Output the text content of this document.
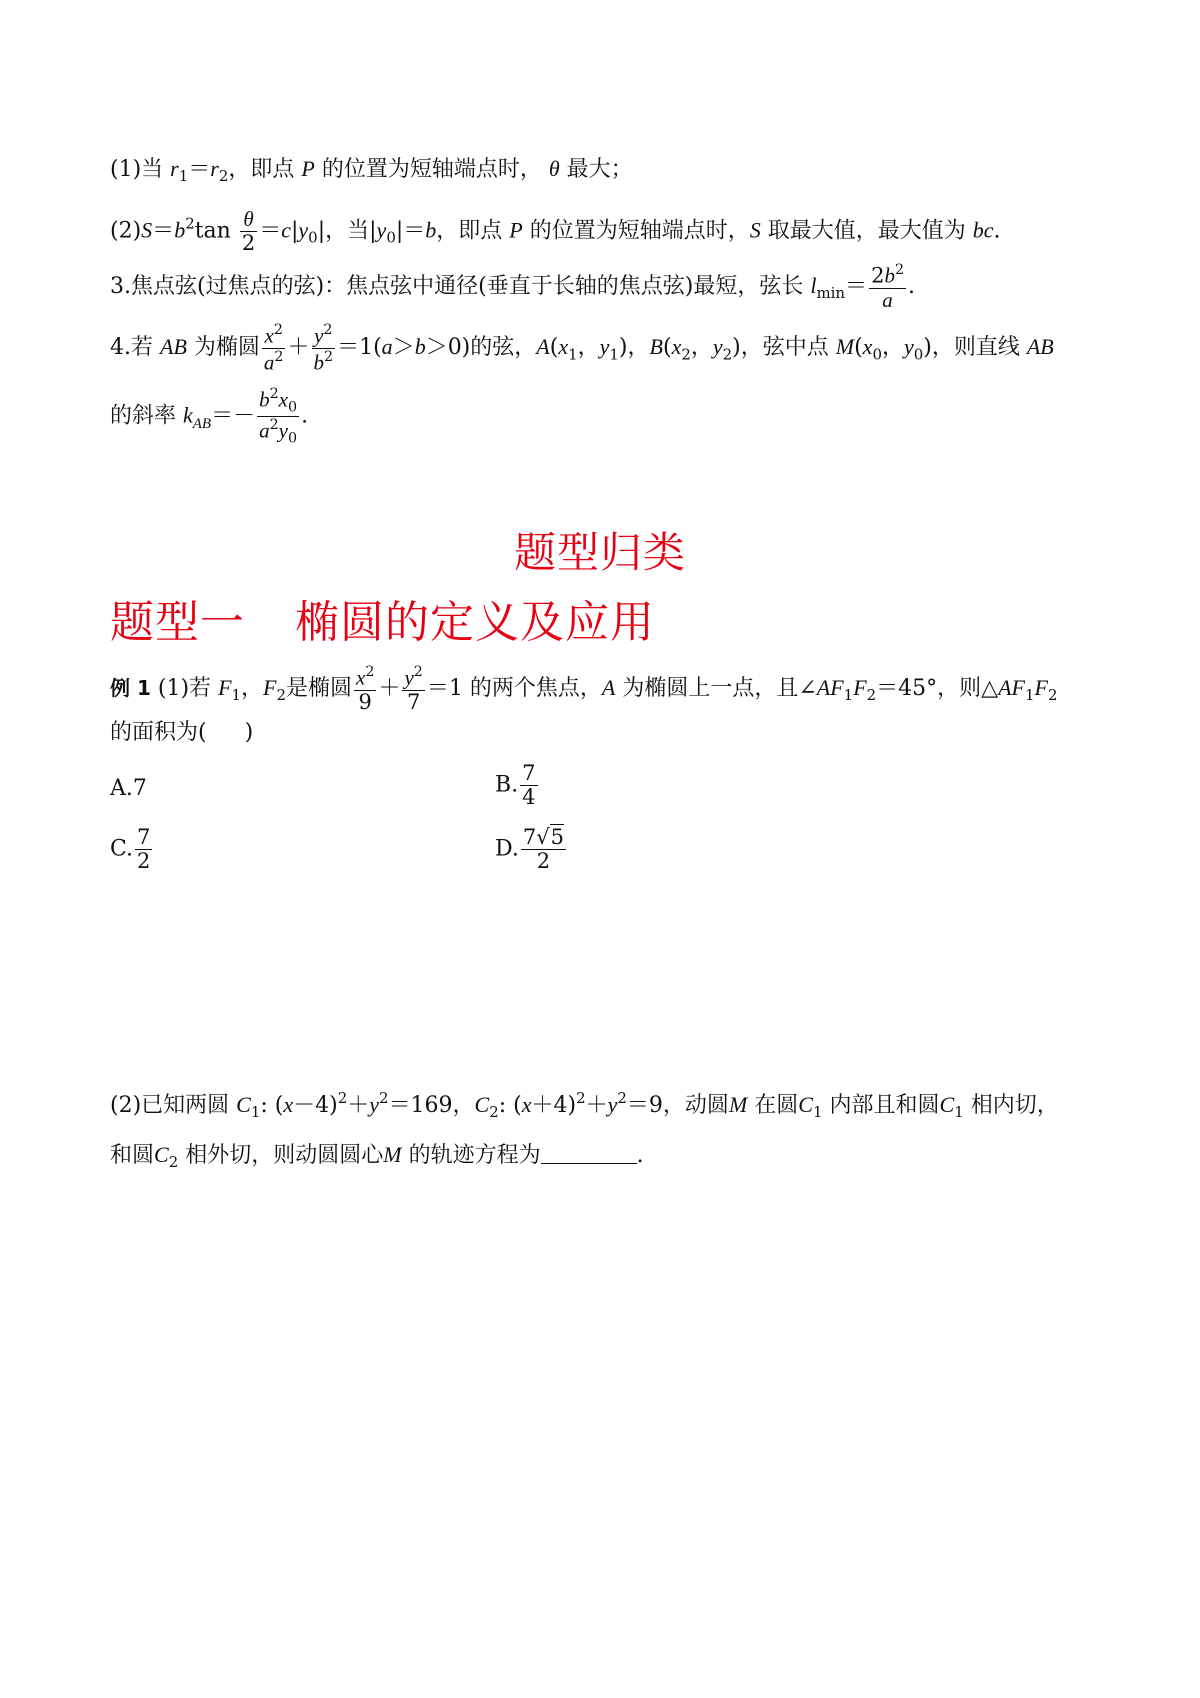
(1)当 $r_1=r_2$，即点 P 的位置为短轴端点时， θ 最大；
$(2)S=b^2\tan \frac{\theta}{2} =c|y_0|$，当$|y_0|=b$，即点 P 的位置为短轴端点时，S 取最大值，最大值为 bc.
3.焦点弦(过焦点的弦)：焦点弦中通径(垂直于长轴的焦点弦)最短，弦长 $l_{min}= \frac{2b^2}{a}$ .
4.若 AB 为椭圆 $\frac{x^2}{a^2} + \frac{y^2}{b^2} =1(a>b>0)$的弦，$A(x_1$，$y_1$)，$B(x_2$，$y_2$)，弦中点 $M(x_0$，$y_0$)，则直线 AB
的斜率 $k_{AB}=- \frac{b^2x_0}{a^2y_0}$ .
题型归类
题型一 椭圆的定义及应用
例 1 (1)若 $F_1$，$F_2$是椭圆 $\frac{x^2}{9} + \frac{y^2}{7} =1$ 的两个焦点，A 为椭圆上一点，且$\angle AF_1F_2=45^\circ$，则$\triangle AF_1F_2$
的面积为( )
A.7	B. $\frac{7}{4}$
C. $\frac{7}{2}$	D. $\frac{7√5}{2}$
(2)已知两圆 $C_1$: $(x-4)^2+y^2=169$，$C_2$: $(x+4)^2+y^2=9$，动圆M 在圆$C_1$ 内部且和圆$C_1$ 相内切，
和圆$C_2$ 相外切，则动圆圆心M 的轨迹方程为	.
